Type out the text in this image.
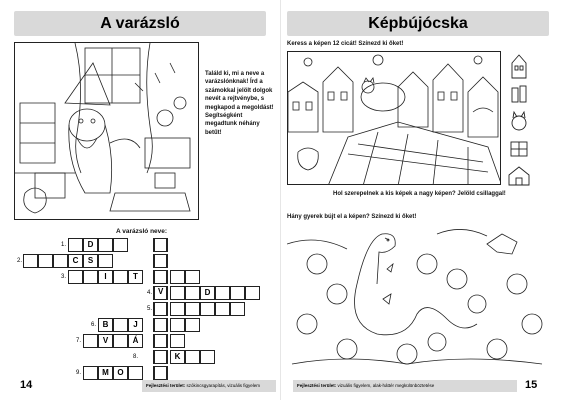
A varázsló
Találd ki, mi a neve a varázslónknak! Írd a számokkal jelölt dolgok nevét a rejtvénybe, s megkapod a megoldást! Segítségként megadtunk néhány betűt!
A varázsló neve:
1.	D
2.	C	S
3.	I	T
4.	D
V
5.
6. B	J
7.	V	Á
8.	K
9.	M	O
14	Fejlesztési terület: szókincsgyarapítás, vizuális figyelem
Képbújócska
Keress a képen 12 cicát! Színezd ki őket!
Hol szerepelnek a kis képek a nagy képen? Jelöld csillaggal!
Hány gyerek bújt el a képen? Színezd ki őket!
Fejlesztési terület: vizuális figyelem, alak-háttér megkülönböztetése	15
